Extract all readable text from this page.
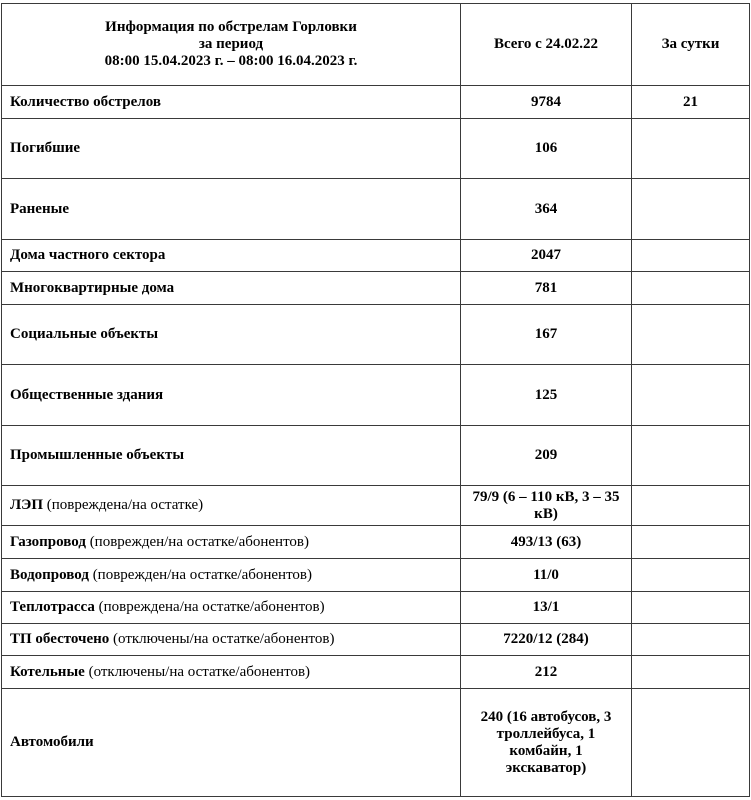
Информация по обстрелам Горловки
за период
08:00 15.04.2023 г. – 08:00 16.04.2023 г.	Всего с 24.02.22	За сутки
Количество обстрелов	9784	21
Погибшие	106	
Раненые	364	
Дома частного сектора	2047	
Многоквартирные дома	781	
Социальные объекты	167	
Общественные здания	125	
Промышленные объекты	209	
ЛЭП (повреждена/на остатке)	79/9 (6 – 110 кВ, 3 – 35 кВ)	
Газопровод (поврежден/на остатке/абонентов)	493/13 (63)	
Водопровод (поврежден/на остатке/абонентов)	11/0	
Теплотрасса (повреждена/на остатке/абонентов)	13/1	
ТП обесточено (отключены/на остатке/абонентов)	7220/12 (284)	
Котельные (отключены/на остатке/абонентов)	212	
Автомобили	240 (16 автобусов, 3 троллейбуса, 1 комбайн, 1 экскаватор)	
